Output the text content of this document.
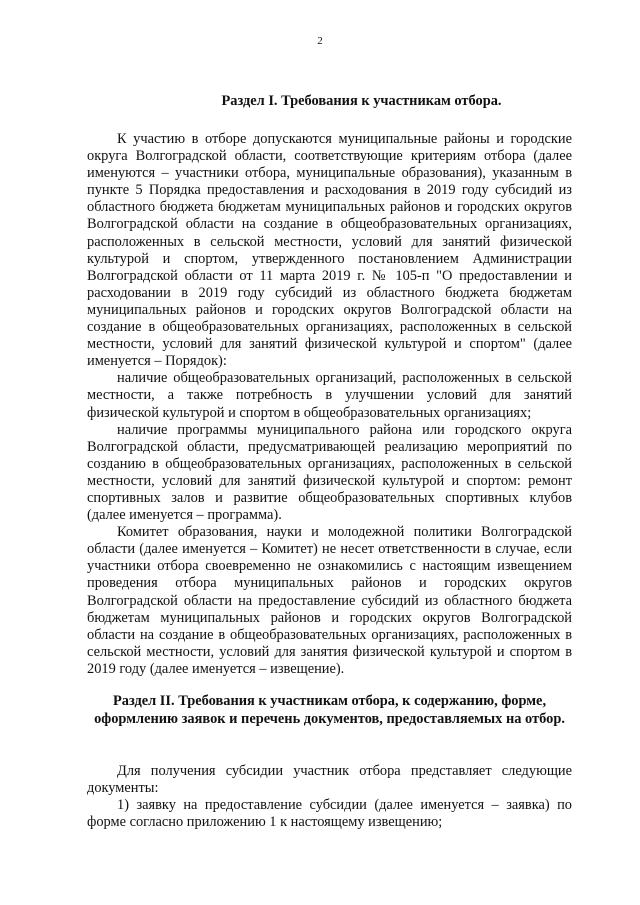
2
Раздел I. Требования к участникам отбора.

К участию в отборе допускаются муниципальные районы и городские округа Волгоградской области, соответствующие критериям отбора (далее именуются – участники отбора, муниципальные образования), указанным в пункте 5 Порядка предоставления и расходования в 2019 году субсидий из областного бюджета бюджетам муниципальных районов и городских округов Волгоградской области на создание в общеобразовательных организациях, расположенных в сельской местности, условий для занятий физической культурой и спортом, утвержденного постановлением Администрации Волгоградской области от 11 марта 2019 г. № 105-п "О предоставлении и расходовании в 2019 году субсидий из областного бюджета бюджетам муниципальных районов и городских округов Волгоградской области на создание в общеобразовательных организациях, расположенных в сельской местности, условий для занятий физической культурой и спортом" (далее именуется – Порядок):

наличие общеобразовательных организаций, расположенных в сельской местности, а также потребность в улучшении условий для занятий физической культурой и спортом в общеобразовательных организациях;

наличие программы муниципального района или городского округа Волгоградской области, предусматривающей реализацию мероприятий по созданию в общеобразовательных организациях, расположенных в сельской местности, условий для занятий физической культурой и спортом: ремонт спортивных залов и развитие общеобразовательных спортивных клубов (далее именуется – программа).

Комитет образования, науки и молодежной политики Волгоградской области (далее именуется – Комитет) не несет ответственности в случае, если участники отбора своевременно не ознакомились с настоящим извещением проведения отбора муниципальных районов и городских округов Волгоградской области на предоставление субсидий из областного бюджета бюджетам муниципальных районов и городских округов Волгоградской области на создание в общеобразовательных организациях, расположенных в сельской местности, условий для занятия физической культурой и спортом в 2019 году (далее именуется – извещение).

Раздел II. Требования к участникам отбора, к содержанию, форме,
оформлению заявок и перечень документов, предоставляемых на отбор.

Для получения субсидии участник отбора представляет следующие документы:

1) заявку на предоставление субсидии (далее именуется – заявка) по форме согласно приложению 1 к настоящему извещению;
